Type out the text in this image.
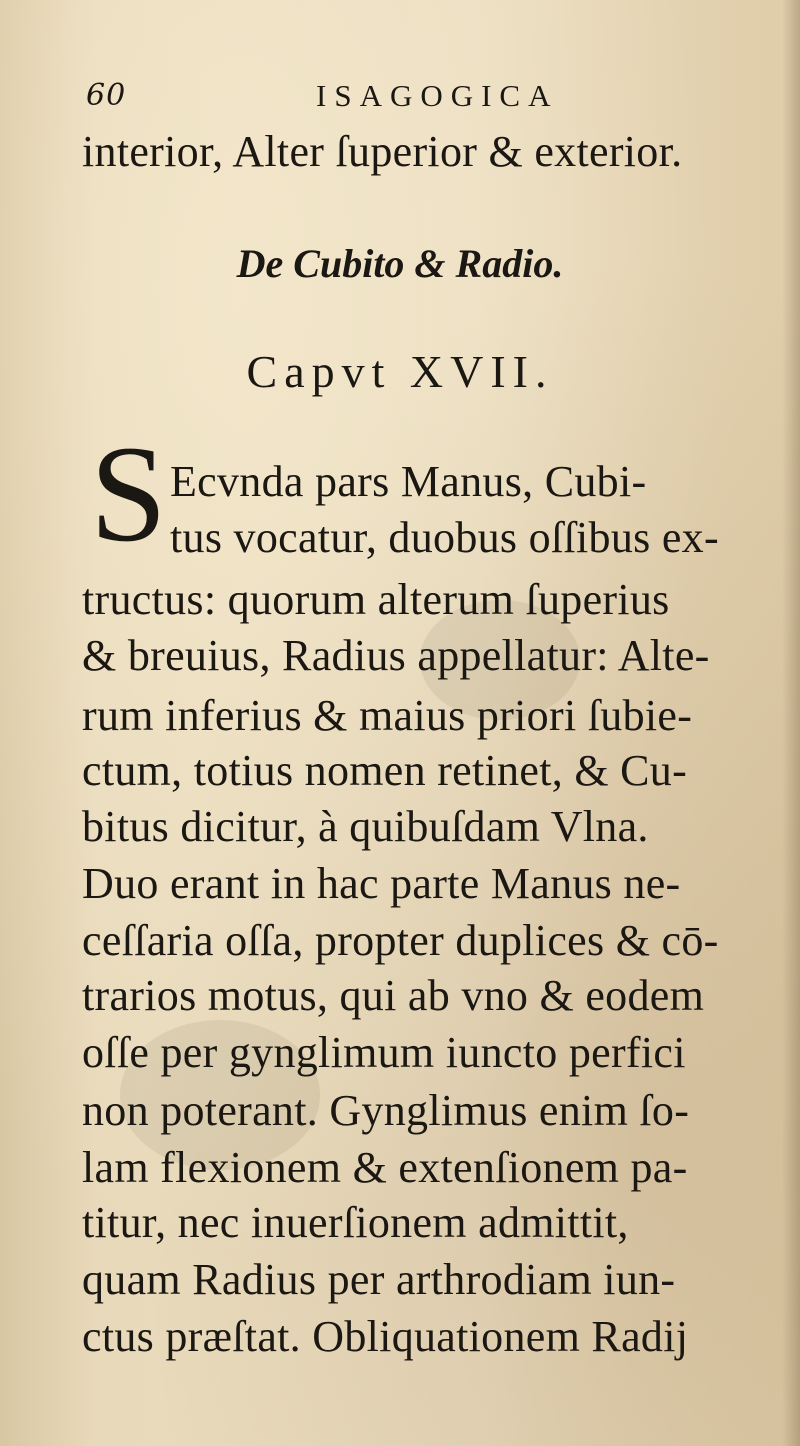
60	ISAGOGICA
interior, Alter ſuperior & exterior.
De Cubito & Radio.
Capvt XVII.
S Ecvnda pars Manus, Cubi-
tus vocatur, duobus oſſibus ex-
tructus: quorum alterum ſuperius
& breuius, Radius appellatur: Alte-
rum inferius & maius priori ſubie-
ctum, totius nomen retinet, & Cu-
bitus dicitur, à quibuſdam Vlna.
Duo erant in hac parte Manus ne-
ceſſaria oſſa, propter duplices & cō-
trarios motus, qui ab vno & eodem
oſſe per gynglimum iuncto perfici
non poterant. Gynglimus enim ſo-
lam flexionem & extenſionem pa-
titur, nec inuerſionem admittit,
quam Radius per arthrodiam iun-
ctus præſtat. Obliquationem Radij
